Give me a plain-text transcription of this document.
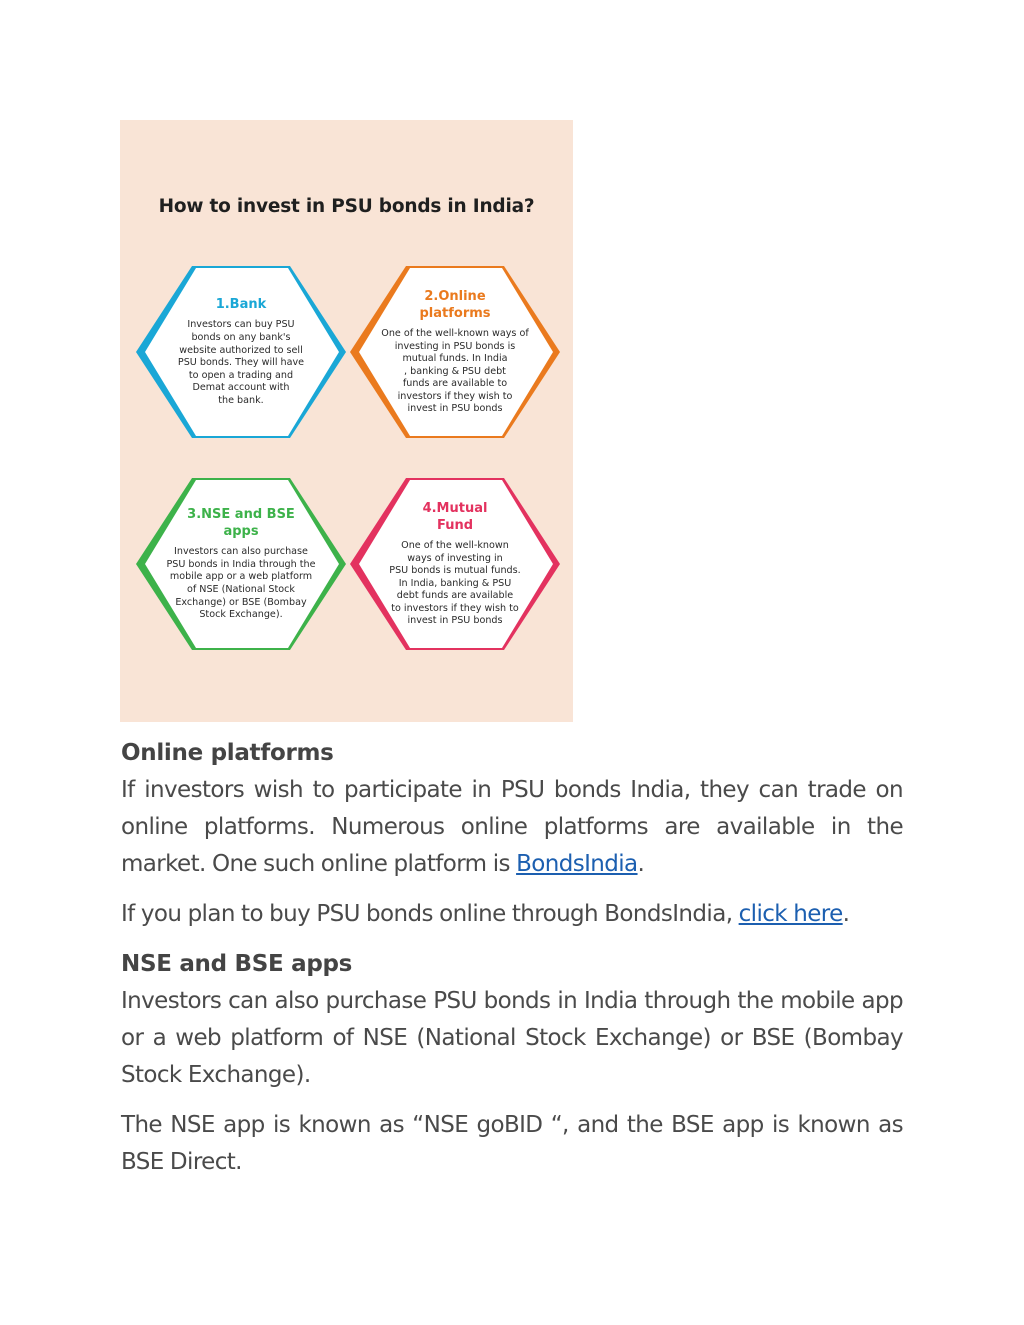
How to invest in PSU bonds in India?
1.Bank
Investors can buy PSU
bonds on any bank's
website authorized to sell
PSU bonds. They will have
to open a trading and
Demat account with
the bank.
2.Online
platforms
One of the well-known ways of
investing in PSU bonds is
mutual funds. In India
, banking & PSU debt
funds are available to
investors if they wish to
invest in PSU bonds
3.NSE and BSE
apps
Investors can also purchase
PSU bonds in India through the
mobile app or a web platform
of NSE (National Stock
Exchange) or BSE (Bombay
Stock Exchange).
4.Mutual
Fund
One of the well-known
ways of investing in
PSU bonds is mutual funds.
In India, banking & PSU
debt funds are available
to investors if they wish to
invest in PSU bonds
Online platforms

If investors wish to participate in PSU bonds India, they can trade on online platforms. Numerous online platforms are available in the market. One such online platform is BondsIndia.

If you plan to buy PSU bonds online through BondsIndia, click here.

NSE and BSE apps

Investors can also purchase PSU bonds in India through the mobile app or a web platform of NSE (National Stock Exchange) or BSE (Bombay Stock Exchange).

The NSE app is known as “NSE goBID “, and the BSE app is known as BSE Direct.
